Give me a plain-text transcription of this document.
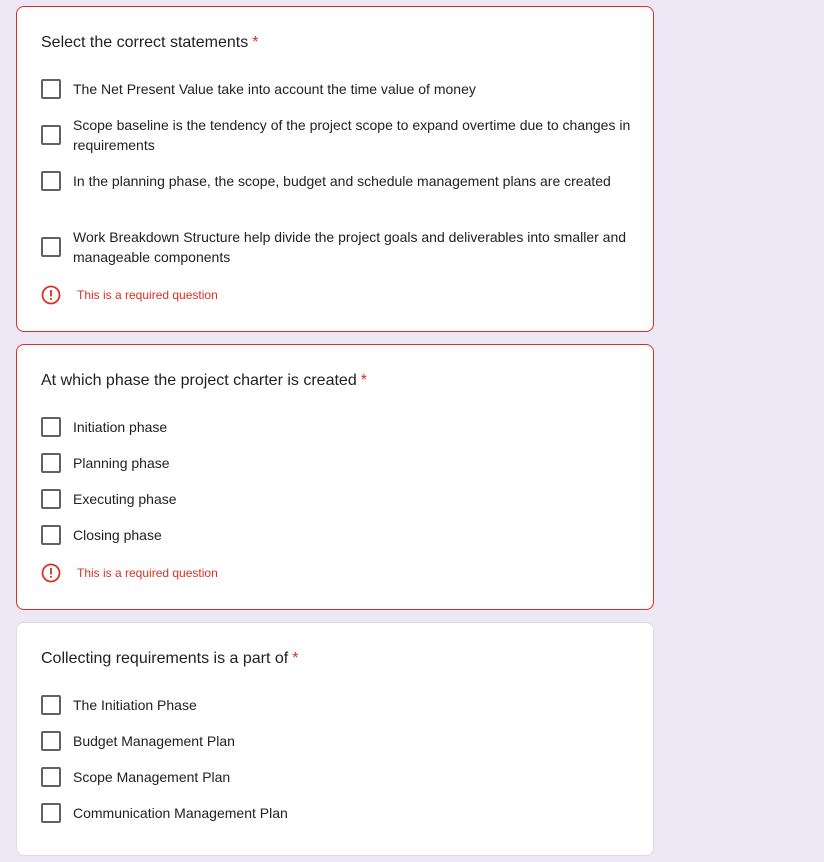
Select the correct statements *
The Net Present Value take into account the time value of money
Scope baseline is the tendency of the project scope to expand overtime due to changes in requirements
In the planning phase, the scope, budget and schedule management plans are created
Work Breakdown Structure help divide the project goals and deliverables into smaller and manageable components
This is a required question
At which phase the project charter is created *
Initiation phase
Planning phase
Executing phase
Closing phase
This is a required question
Collecting requirements is a part of *
The Initiation Phase
Budget Management Plan
Scope Management Plan
Communication Management Plan
